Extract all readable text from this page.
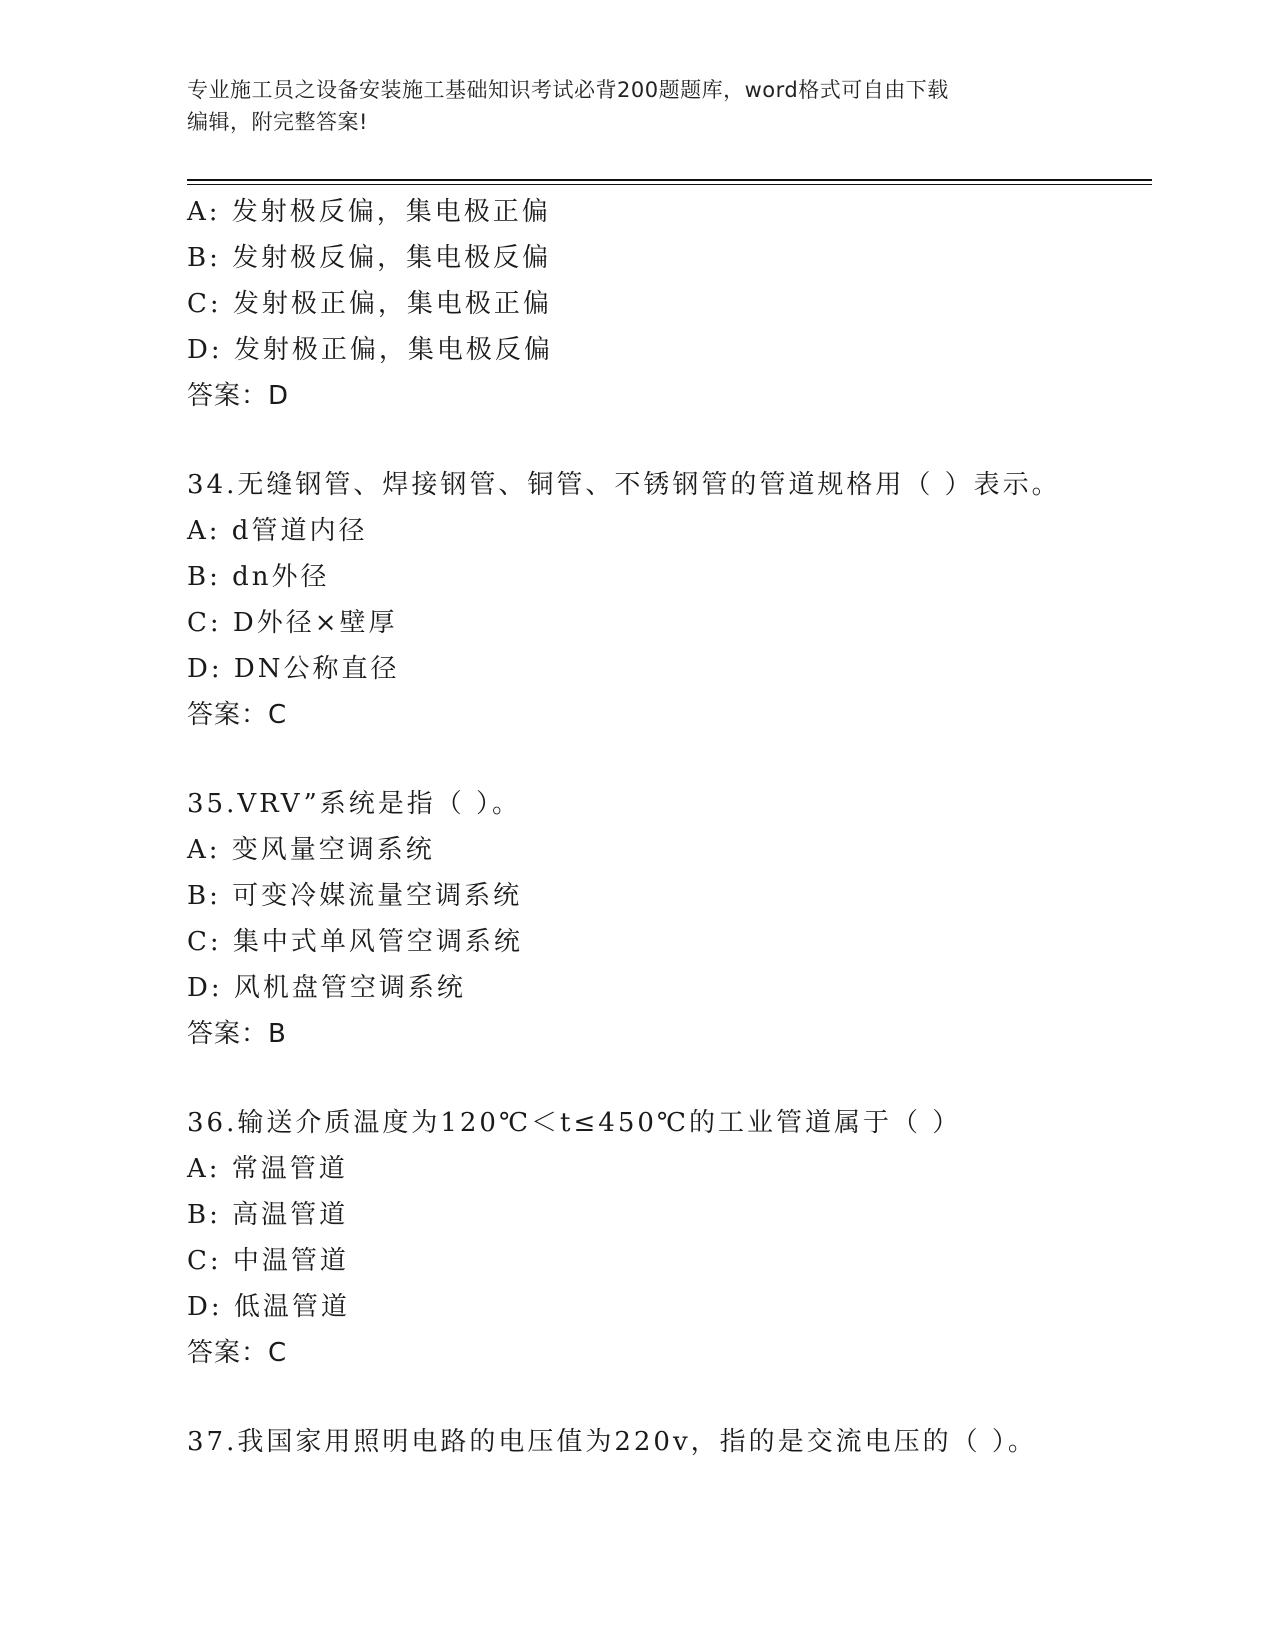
专业施工员之设备安装施工基础知识考试必背200题题库，word格式可自由下载
编辑，附完整答案!
A: 发射极反偏，集电极正偏
B: 发射极反偏，集电极反偏
C: 发射极正偏，集电极正偏
D: 发射极正偏，集电极反偏
答案：D
34.无缝钢管、焊接钢管、铜管、不锈钢管的管道规格用（ ）表示。
A: d管道内径
B: dn外径
C: D外径×壁厚
D: DN公称直径
答案：C
35.VRV”系统是指（ ）。
A: 变风量空调系统
B: 可变冷媒流量空调系统
C: 集中式单风管空调系统
D: 风机盘管空调系统
答案：B
36.输送介质温度为120℃＜t≤450℃的工业管道属于（ ）
A: 常温管道
B: 高温管道
C: 中温管道
D: 低温管道
答案：C
37.我国家用照明电路的电压值为220v，指的是交流电压的（ ）。
